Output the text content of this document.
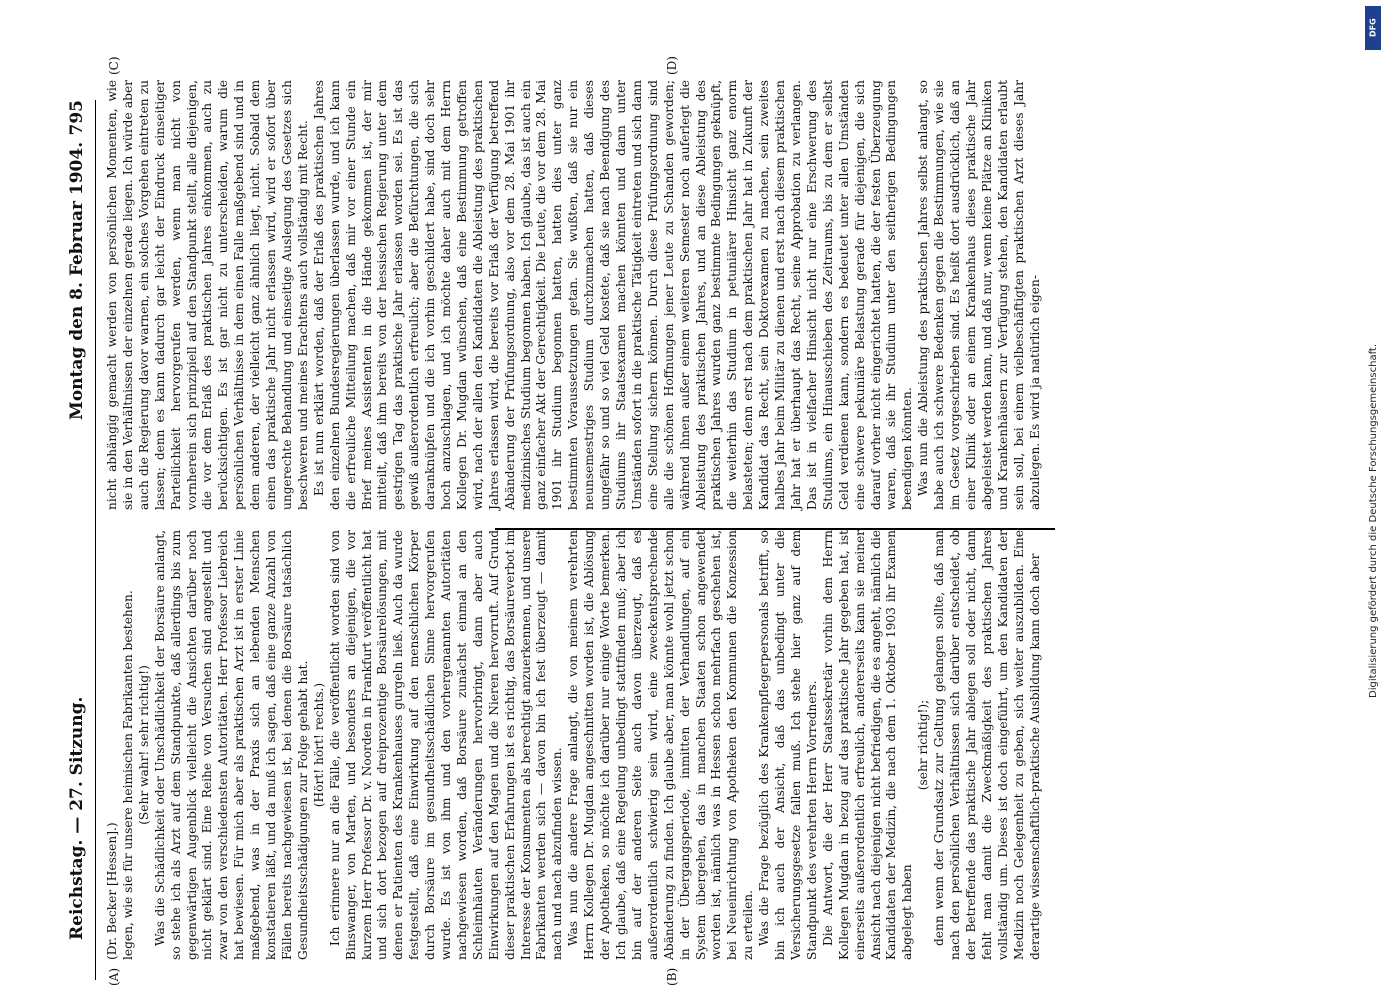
Reichstag. — 27. Sitzung.
Montag den 8. Februar 1904.
795
(A)	(B)
(C)	(D)

(Dr. Becker [Hessen].) legen, wie sie für unsere heimischen Fabrikanten bestehen. (Sehr wahr! sehr richtig!) Was die Schädlichkeit oder Unschädlichkeit der Borsäure anlangt, so stehe ich als Arzt auf dem Standpunkte, daß allerdings bis zum gegenwärtigen Augenblick vielleicht die Ansichten darüber noch nicht geklärt sind. Eine Reihe von Versuchen sind angestellt und zwar von den verschiedensten Autoritäten. Herr Professor Liebreich hat bewiesen. Für mich aber als praktischen Arzt ist in erster Linie maßgebend, was in der Praxis sich an lebenden Menschen konstatieren läßt, und da muß ich sagen, daß eine ganze Anzahl von Fällen bereits nachgewiesen ist, bei denen die Borsäure tatsächlich Gesundheitsschädigungen zur Folge gehabt hat. (Hört! hört! rechts.) Ich erinnere nur an die Fälle, die veröffentlicht worden sind von Binswanger, von Marten, und besonders an diejenigen, die vor kurzem Herr Professor Dr. v. Noorden in Frankfurt veröffentlicht hat und sich dort bezogen auf dreiprozentige Borsäurelösungen, mit denen er Patienten des Krankenhauses gurgeln ließ. Auch da wurde festgestellt, daß eine Einwirkung auf den menschlichen Körper durch Borsäure im gesundheitsschädlichen Sinne hervorgerufen wurde. Es ist von ihm und den vorhergenannten Autoritäten nachgewiesen worden, daß Borsäure zunächst einmal an den Schleimhäuten Veränderungen hervorbringt, dann aber auch Einwirkungen auf den Magen und die Nieren hervorruft. Auf Grund dieser praktischen Erfahrungen ist es richtig, das Borsäureverbot im Interesse der Konsumenten als berechtigt anzuerkennen, und unsere Fabrikanten werden sich — davon bin ich fest überzeugt — damit nach und nach abzufinden wissen. Was nun die andere Frage anlangt, die von meinem verehrten Herrn Kollegen Dr. Mugdan angeschnitten worden ist, die Ablösung der Apotheken, so möchte ich darüber nur einige Worte bemerken. Ich glaube, daß eine Regelung unbedingt stattfinden muß; aber ich bin auf der anderen Seite auch davon überzeugt, daß es außerordentlich schwierig sein wird, eine zweckentsprechende Abänderung zu finden. Ich glaube aber, man könnte wohl jetzt schon in der Übergangsperiode, inmitten der Verhandlungen, auf ein System übergehen, das in manchen Staaten schon angewendet worden ist, nämlich was in Hessen schon mehrfach geschehen ist, bei Neueinrichtung von Apotheken den Kommunen die Konzession zu erteilen. Was die Frage bezüglich des Krankenpflegerpersonals betrifft, so bin ich auch der Ansicht, daß das unbedingt unter die Versicherungsgesetze fallen muß. Ich stehe hier ganz auf dem Standpunkt des verehrten Herrn Vorredners. Die Antwort, die der Herr Staatssekretär vorhin dem Herrn Kollegen Mugdan in bezug auf das praktische Jahr gegeben hat, ist einerseits außerordentlich erfreulich, andererseits kann sie meiner Ansicht nach diejenigen nicht befriedigen, die es angeht, nämlich die Kandidaten der Medizin, die nach dem 1. Oktober 1903 ihr Examen abgelegt haben

(sehr richtig!); denn wenn der Grundsatz zur Geltung gelangen sollte, daß man nach den persönlichen Verhältnissen sich darüber entscheidet, ob der Betreffende das praktische Jahr ablegen soll oder nicht, dann fehlt man damit die Zweckmäßigkeit des praktischen Jahres vollständig um. Dieses ist doch eingeführt, um den Kandidaten der Medizin noch Gelegenheit zu geben, sich weiter auszubilden. Eine derartige wissenschaftlich-praktische Ausbildung kann doch aber

nicht abhängig gemacht werden von persönlichen Momenten, wie sie in den Verhältnissen der einzelnen gerade liegen. Ich würde aber auch die Regierung davor warnen, ein solches Vorgehen eintreten zu lassen; denn es kann dadurch gar leicht der Eindruck einseitiger Parteilichkeit hervorgerufen werden, wenn man nicht von vornherein sich prinzipiell auf den Standpunkt stellt, alle diejenigen, die vor dem Erlaß des praktischen Jahres einkommen, auch zu berücksichtigen. Es ist gar nicht zu unterscheiden, warum die persönlichen Verhältnisse in dem einen Falle maßgebend sind und in dem anderen, der vielleicht ganz ähnlich liegt, nicht. Sobald dem einen das praktische Jahr nicht erlassen wird, wird er sofort über ungerechte Behandlung und einseitige Auslegung des Gesetzes sich beschweren und meines Erachtens auch vollständig mit Recht. Es ist nun erklärt worden, daß der Erlaß des praktischen Jahres den einzelnen Bundesregierungen überlassen wurde, und ich kann die erfreuliche Mitteilung machen, daß mir vor einer Stunde ein Brief meines Assistenten in die Hände gekommen ist, der mir mitteilt, daß ihm bereits von der hessischen Regierung unter dem gestrigen Tag das praktische Jahr erlassen worden sei. Es ist das gewiß außerordentlich erfreulich; aber die Befürchtungen, die sich daranknüpfen und die ich vorhin geschildert habe, sind doch sehr hoch anzuschlagen, und ich möchte daher auch mit dem Herrn Kollegen Dr. Mugdan wünschen, daß eine Bestimmung getroffen wird, nach der allen den Kandidaten die Ableistung des praktischen Jahres erlassen wird, die bereits vor Erlaß der Verfügung betreffend Abänderung der Prüfungsordnung, also vor dem 28. Mai 1901 ihr medizinisches Studium begonnen haben. Ich glaube, das ist auch ein ganz einfacher Akt der Gerechtigkeit. Die Leute, die vor dem 28. Mai 1901 ihr Studium begonnen hatten, hatten dies unter ganz bestimmten Voraussetzungen getan. Sie wußten, daß sie nur ein neunsemestriges Studium durchzumachen hatten, daß dieses ungefähr so und so viel Geld kostete, daß sie nach Beendigung des Studiums ihr Staatsexamen machen könnten und dann unter Umständen sofort in die praktische Tätigkeit eintreten und sich dann eine Stellung sichern können. Durch diese Prüfungsordnung sind alle die schönen Hoffnungen jener Leute zu Schanden geworden; während ihnen außer einem weiteren Semester noch auferlegt die Ableistung des praktischen Jahres, und an diese Ableistung des praktischen Jahres wurden ganz bestimmte Bedingungen geknüpft, die weiterhin das Studium in petuniärer Hinsicht ganz enorm belasteten; denn erst nach dem praktischen Jahr hat in Zukunft der Kandidat das Recht, sein Doktorexamen zu machen, sein zweites halbes Jahr beim Militär zu dienen und erst nach diesem praktischen Jahr hat er überhaupt das Recht, seine Approbation zu verlangen. Das ist in vielfacher Hinsicht nicht nur eine Erschwerung des Studiums, ein Hinausschieben des Zeitraums, bis zu dem er selbst Geld verdienen kann, sondern es bedeutet unter allen Umständen eine schwere pekuniäre Belastung gerade für diejenigen, die sich darauf vorher nicht eingerichtet hatten, die der festen Überzeugung waren, daß sie ihr Studium unter den seitherigen Bedingungen beendigen könnten. Was nun die Ableistung des praktischen Jahres selbst anlangt, so habe auch ich schwere Bedenken gegen die Bestimmungen, wie sie im Gesetz vorgeschrieben sind. Es heißt dort ausdrücklich, daß an einer Klinik oder an einem Krankenhaus dieses praktische Jahr abgeleistet werden kann, und daß nur, wenn keine Plätze an Kliniken und Krankenhäusern zur Verfügung stehen, den Kandidaten erlaubt sein soll, bei einem vielbeschäftigten praktischen Arzt dieses Jahr abzulegen. Es wird ja natürlich eigen-

DFG
Digitalisierung gefördert durch die Deutsche Forschungsgemeinschaft.
